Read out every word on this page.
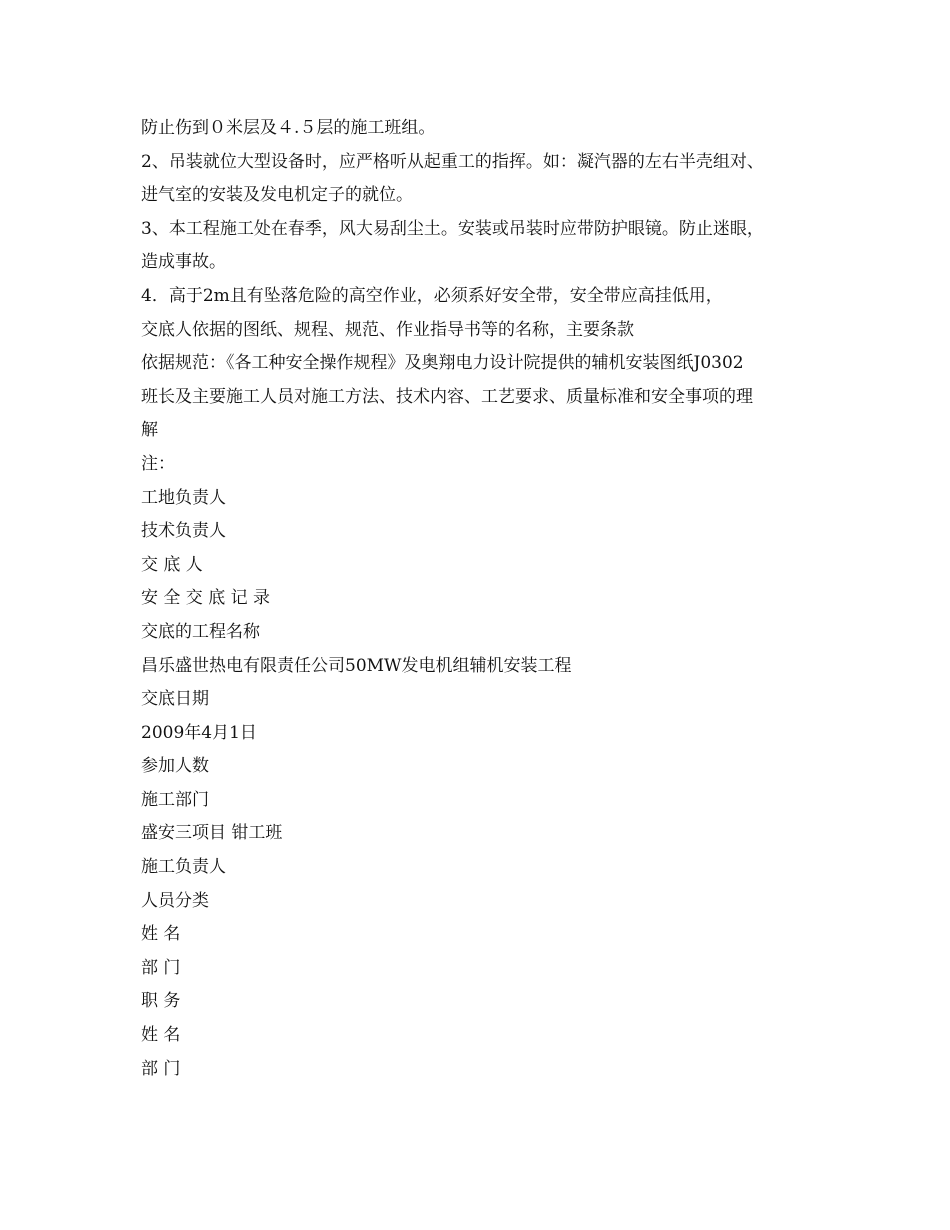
防止伤到０米层及４.５层的施工班组。
2、吊装就位大型设备时，应严格听从起重工的指挥。如：凝汽器的左右半壳组对、
进气室的安装及发电机定子的就位。
3、本工程施工处在春季，风大易刮尘土。安装或吊装时应带防护眼镜。防止迷眼，
造成事故。
4．高于2m且有坠落危险的高空作业，必须系好安全带，安全带应高挂低用，
交底人依据的图纸、规程、规范、作业指导书等的名称，主要条款
依据规范：《各工种安全操作规程》及奥翔电力设计院提供的辅机安装图纸J0302
班长及主要施工人员对施工方法、技术内容、工艺要求、质量标准和安全事项的理
解
注：
工地负责人
技术负责人
交 底 人
安 全 交 底 记 录
交底的工程名称
昌乐盛世热电有限责任公司50MW发电机组辅机安装工程
交底日期
2009年4月1日
参加人数
施工部门
盛安三项目 钳工班
施工负责人
人员分类
姓 名
部 门
职 务
姓 名
部 门
